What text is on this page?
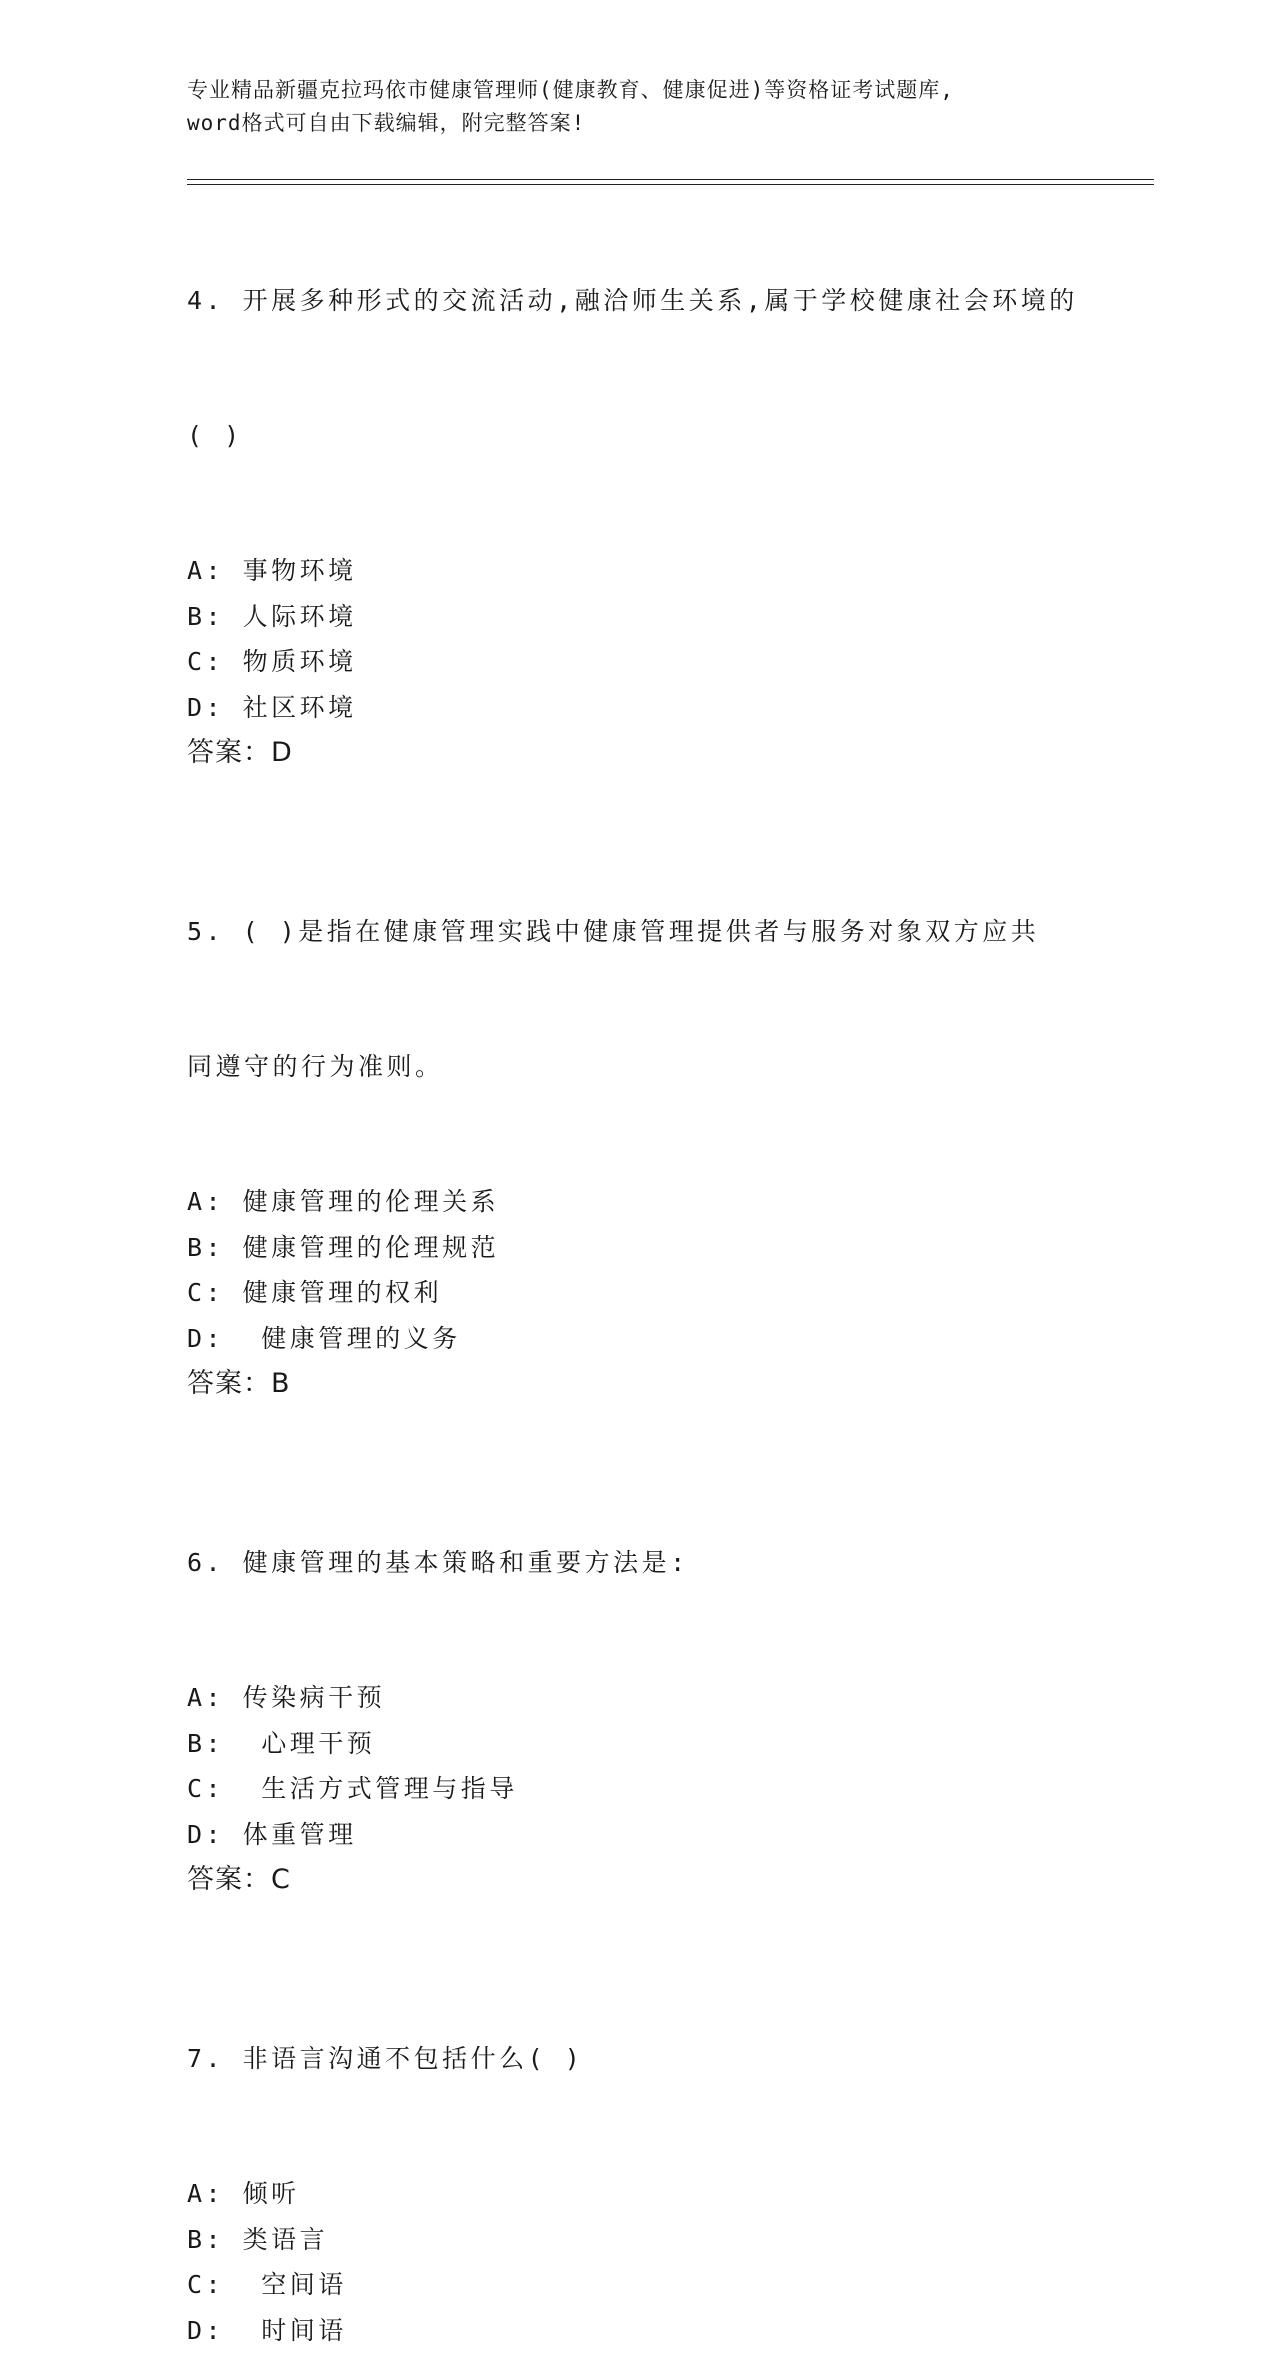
专业精品新疆克拉玛依市健康管理师(健康教育、健康促进)等资格证考试题库,
word格式可自由下载编辑，附完整答案!

4. 开展多种形式的交流活动,融洽师生关系,属于学校健康社会环境的

( )

A: 事物环境
B: 人际环境
C: 物质环境
D: 社区环境
答案：D

5. ( )是指在健康管理实践中健康管理提供者与服务对象双方应共

同遵守的行为准则。

A: 健康管理的伦理关系
B: 健康管理的伦理规范
C: 健康管理的权利
D:  健康管理的义务
答案：B

6. 健康管理的基本策略和重要方法是:

A: 传染病干预
B:  心理干预
C:  生活方式管理与指导
D: 体重管理
答案：C

7. 非语言沟通不包括什么( )

A: 倾听
B: 类语言
C:  空间语
D:  时间语
